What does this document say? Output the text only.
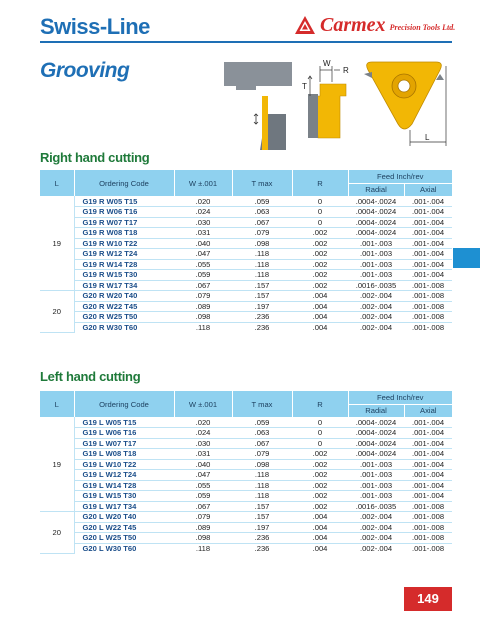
Swiss-Line	Carmex Precision Tools Ltd.
Grooving	W
R
T
L
Right hand cutting
L	Ordering Code	W ±.001	T max	R	Feed Inch/rev	
					Radial	Axial
19	G19 R W05 T15	.020	.059	0	.0004-.0024	.001-.004
	G19 R W06 T16	.024	.063	0	.0004-.0024	.001-.004
	G19 R W07 T17	.030	.067	0	.0004-.0024	.001-.004
	G19 R W08 T18	.031	.079	.002	.0004-.0024	.001-.004
	G19 R W10 T22	.040	.098	.002	.001-.003	.001-.004
	G19 R W12 T24	.047	.118	.002	.001-.003	.001-.004
	G19 R W14 T28	.055	.118	.002	.001-.003	.001-.004
	G19 R W15 T30	.059	.118	.002	.001-.003	.001-.004
	G19 R W17 T34	.067	.157	.002	.0016-.0035	.001-.008
20	G20 R W20 T40	.079	.157	.004	.002-.004	.001-.008
	G20 R W22 T45	.089	.197	.004	.002-.004	.001-.008
	G20 R W25 T50	.098	.236	.004	.002-.004	.001-.008
	G20 R W30 T60	.118	.236	.004	.002-.004	.001-.008
Left hand cutting
L	Ordering Code	W ±.001	T max	R	Feed Inch/rev	
					Radial	Axial
19	G19 L W05 T15	.020	.059	0	.0004-.0024	.001-.004
	G19 L W06 T16	.024	.063	0	.0004-.0024	.001-.004
	G19 L W07 T17	.030	.067	0	.0004-.0024	.001-.004
	G19 L W08 T18	.031	.079	.002	.0004-.0024	.001-.004
	G19 L W10 T22	.040	.098	.002	.001-.003	.001-.004
	G19 L W12 T24	.047	.118	.002	.001-.003	.001-.004
	G19 L W14 T28	.055	.118	.002	.001-.003	.001-.004
	G19 L W15 T30	.059	.118	.002	.001-.003	.001-.004
	G19 L W17 T34	.067	.157	.002	.0016-.0035	.001-.008
20	G20 L W20 T40	.079	.157	.004	.002-.004	.001-.008
	G20 L W22 T45	.089	.197	.004	.002-.004	.001-.008
	G20 L W25 T50	.098	.236	.004	.002-.004	.001-.008
	G20 L W30 T60	.118	.236	.004	.002-.004	.001-.008
149
